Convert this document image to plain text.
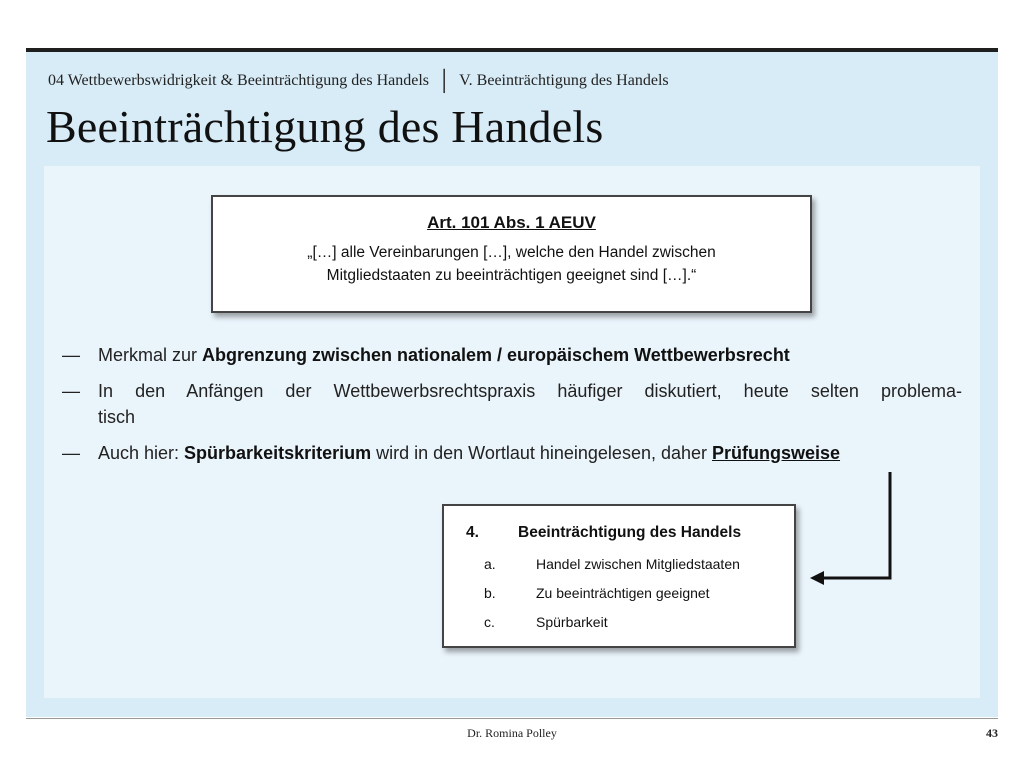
04 Wettbewerbswidrigkeit & Beeinträchtigung des Handels │ V. Beeinträchtigung des Handels
Beeinträchtigung des Handels
Art. 101 Abs. 1 AEUV
„[…] alle Vereinbarungen […], welche den Handel zwischen
Mitgliedstaaten zu beeinträchtigen geeignet sind […].“
— Merkmal zur Abgrenzung zwischen nationalem / europäischem Wettbewerbsrecht
— In den Anfängen der Wettbewerbsrechtspraxis häufiger diskutiert, heute selten problema-
tisch
— Auch hier: Spürbarkeitskriterium wird in den Wortlaut hineingelesen, daher Prüfungsweise
4.	Beeinträchtigung des Handels
a.	Handel zwischen Mitgliedstaaten
b.	Zu beeinträchtigen geeignet
c.	Spürbarkeit
Dr. Romina Polley	43
